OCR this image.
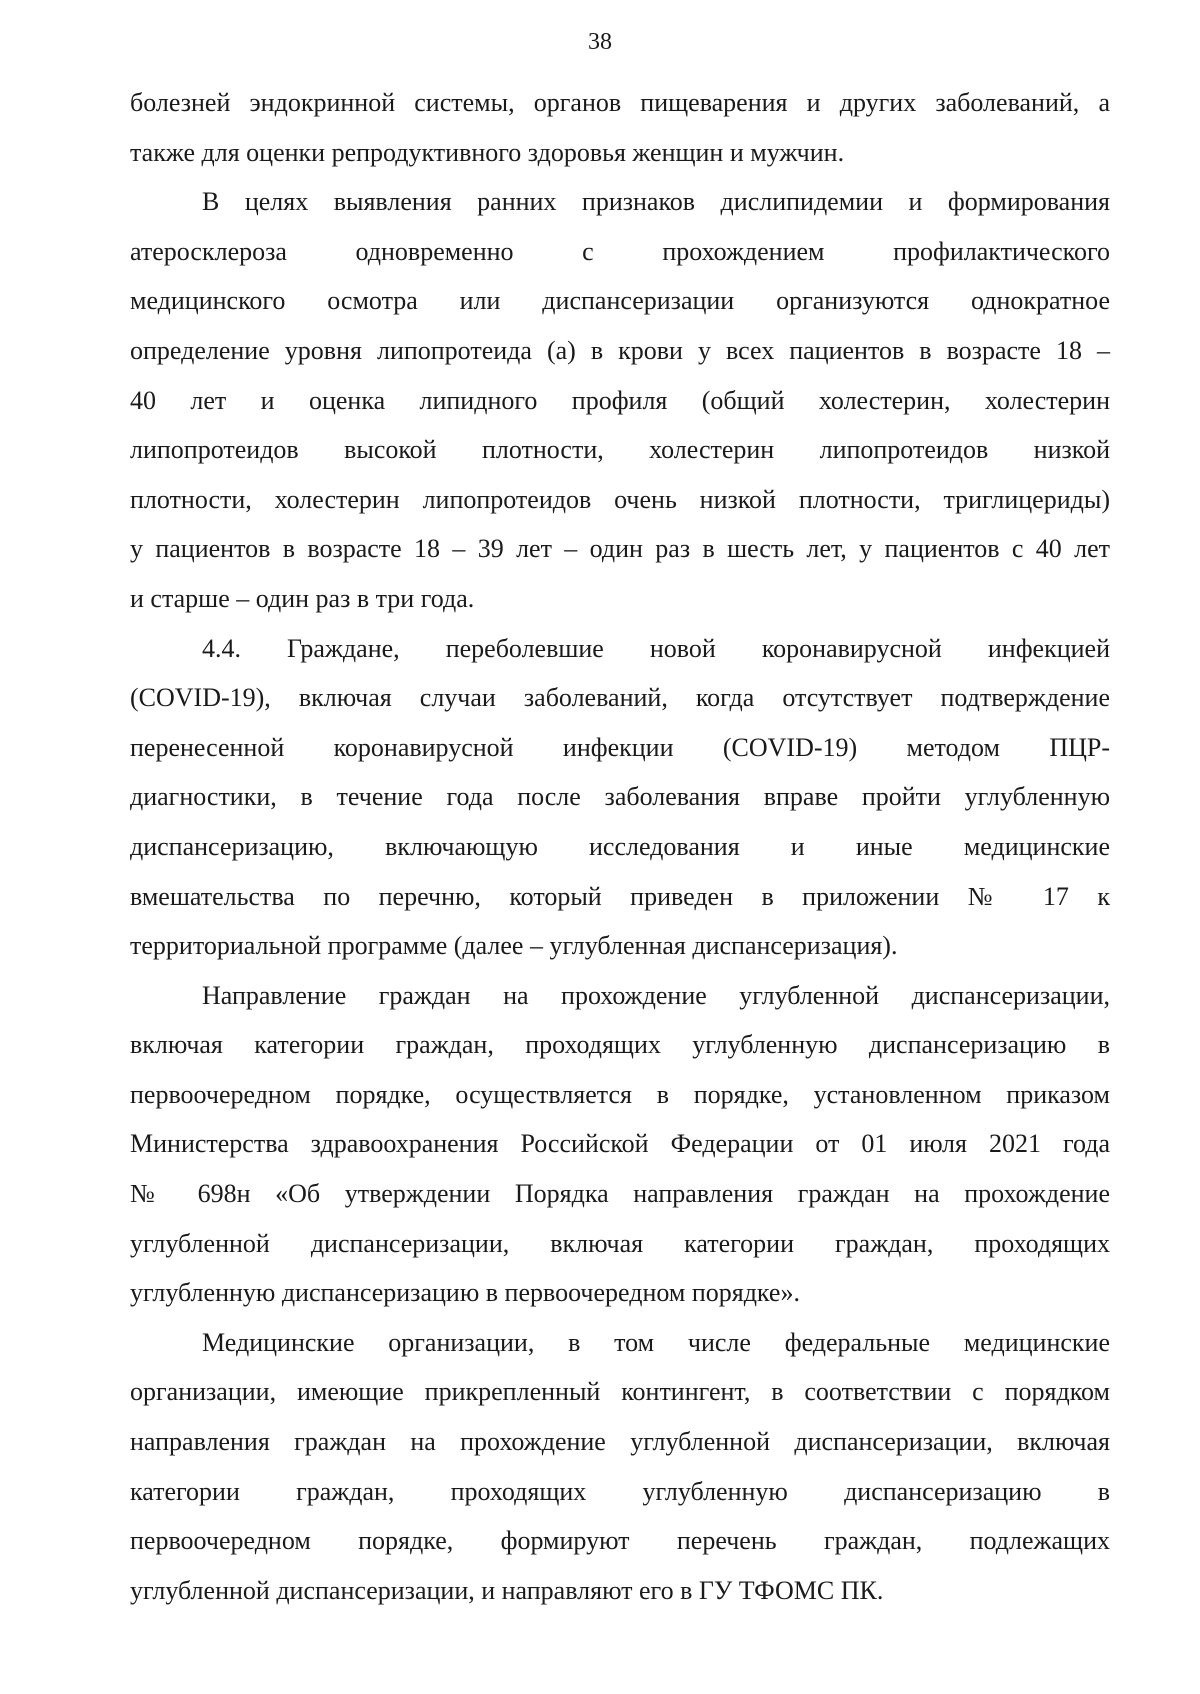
38
болезней эндокринной системы, органов пищеварения и других заболеваний, а
также для оценки репродуктивного здоровья женщин и мужчин.
В целях выявления ранних признаков дислипидемии и формирования
атеросклероза одновременно с прохождением профилактического
медицинского осмотра или диспансеризации организуются однократное
определение уровня липопротеида (а) в крови у всех пациентов в возрасте 18 –
40 лет и оценка липидного профиля (общий холестерин, холестерин
липопротеидов высокой плотности, холестерин липопротеидов низкой
плотности, холестерин липопротеидов очень низкой плотности, триглицериды)
у пациентов в возрасте 18 – 39 лет – один раз в шесть лет, у пациентов с 40 лет
и старше – один раз в три года.
4.4. Граждане, переболевшие новой коронавирусной инфекцией
(COVID-19), включая случаи заболеваний, когда отсутствует подтверждение
перенесенной коронавирусной инфекции (COVID-19) методом ПЦР-
диагностики, в течение года после заболевания вправе пройти углубленную
диспансеризацию, включающую исследования и иные медицинские
вмешательства по перечню, который приведен в приложении № 17 к
территориальной программе (далее – углубленная диспансеризация).
Направление граждан на прохождение углубленной диспансеризации,
включая категории граждан, проходящих углубленную диспансеризацию в
первоочередном порядке, осуществляется в порядке, установленном приказом
Министерства здравоохранения Российской Федерации от 01 июля 2021 года
№ 698н «Об утверждении Порядка направления граждан на прохождение
углубленной диспансеризации, включая категории граждан, проходящих
углубленную диспансеризацию в первоочередном порядке».
Медицинские организации, в том числе федеральные медицинские
организации, имеющие прикрепленный контингент, в соответствии с порядком
направления граждан на прохождение углубленной диспансеризации, включая
категории граждан, проходящих углубленную диспансеризацию в
первоочередном порядке, формируют перечень граждан, подлежащих
углубленной диспансеризации, и направляют его в ГУ ТФОМС ПК.
